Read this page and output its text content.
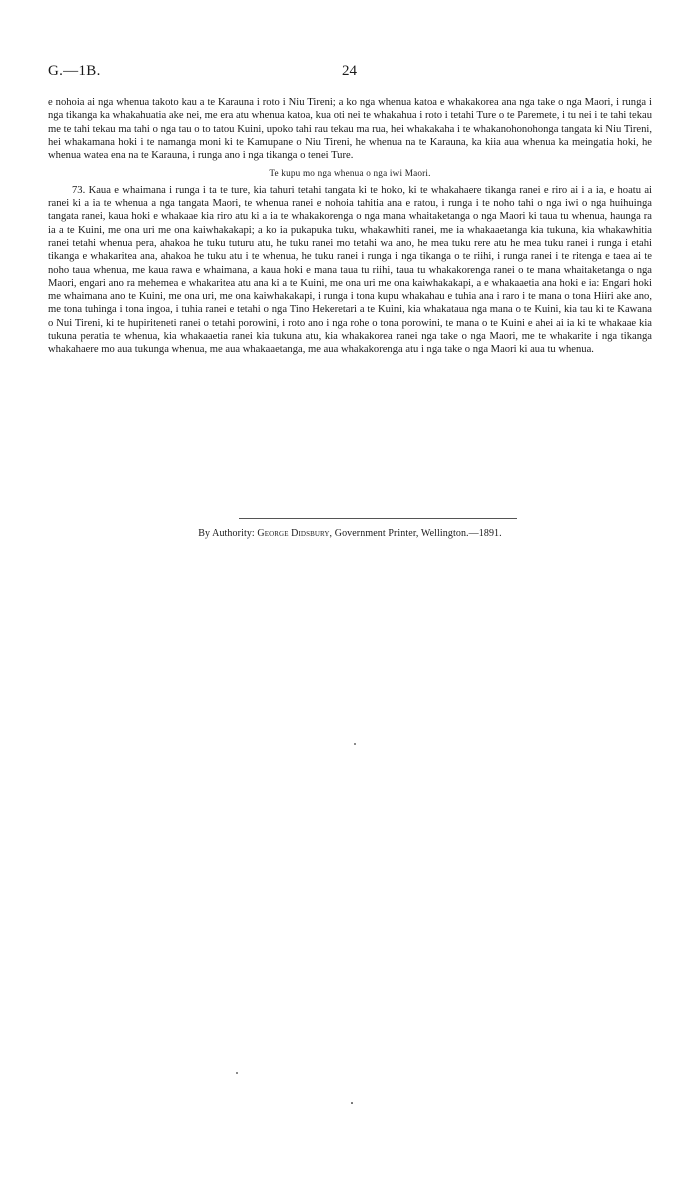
G.—1B.	24

e nohoia ai nga whenua takoto kau a te Karauna i roto i Niu Tireni; a ko nga whenua katoa e whakakorea ana nga take o nga Maori, i runga i nga tikanga ka whakahuatia ake nei, me era atu whenua katoa, kua oti nei te whakahua i roto i tetahi Ture o te Paremete, i tu nei i te tahi tekau me te tahi tekau ma tahi o nga tau o to tatou Kuini, upoko tahi rau tekau ma rua, hei whakakaha i te whakanohonohonga tangata ki Niu Tireni, hei whakamana hoki i te namanga moni ki te Kamupane o Niu Tireni, he whenua na te Karauna, ka kiia aua whenua ka meingatia hoki, he whenua watea ena na te Karauna, i runga ano i nga tikanga o tenei Ture.

Te kupu mo nga whenua o nga iwi Maori.

73. Kaua e whaimana i runga i ta te ture, kia tahuri tetahi tangata ki te hoko, ki te whakahaere tikanga ranei e riro ai i a ia, e hoatu ai ranei ki a ia te whenua a nga tangata Maori, te whenua ranei e nohoia tahitia ana e ratou, i runga i te noho tahi o nga iwi o nga huihuinga tangata ranei, kaua hoki e whakaae kia riro atu ki a ia te whakakorenga o nga mana whaitaketanga o nga Maori ki taua tu whenua, haunga ra ia a te Kuini, me ona uri me ona kaiwhakakapi; a ko ia pukapuka tuku, whakawhiti ranei, me ia whakaaetanga kia tukuna, kia whakawhitia ranei tetahi whenua pera, ahakoa he tuku tuturu atu, he tuku ranei mo tetahi wa ano, he mea tuku rere atu he mea tuku ranei i runga i etahi tikanga e whakaritea ana, ahakoa he tuku atu i te whenua, he tuku ranei i runga i nga tikanga o te riihi, i runga ranei i te ritenga e taea ai te noho taua whenua, me kaua rawa e whaimana, a kaua hoki e mana taua tu riihi, taua tu whakakorenga ranei o te mana whaitaketanga o nga Maori, engari ano ra mehemea e whakaritea atu ana ki a te Kuini, me ona uri me ona kaiwhakakapi, a e whakaaetia ana hoki e ia: Engari hoki me whaimana ano te Kuini, me ona uri, me ona kaiwhakakapi, i runga i tona kupu whakahau e tuhia ana i raro i te mana o tona Hiiri ake ano, me tona tuhinga i tona ingoa, i tuhia ranei e tetahi o nga Tino Hekeretari a te Kuini, kia whakataua nga mana o te Kuini, kia tau ki te Kawana o Nui Tireni, ki te hupiriteneti ranei o tetahi porowini, i roto ano i nga rohe o tona porowini, te mana o te Kuini e ahei ai ia ki te whakaae kia tukuna peratia te whenua, kia whakaaetia ranei kia tukuna atu, kia whakakorea ranei nga take o nga Maori, me te whakarite i nga tikanga whakahaere mo aua tukunga whenua, me aua whakaaetanga, me aua whakakorenga atu i nga take o nga Maori ki aua tu whenua.

By Authority: George Didsbury, Government Printer, Wellington.—1891.
